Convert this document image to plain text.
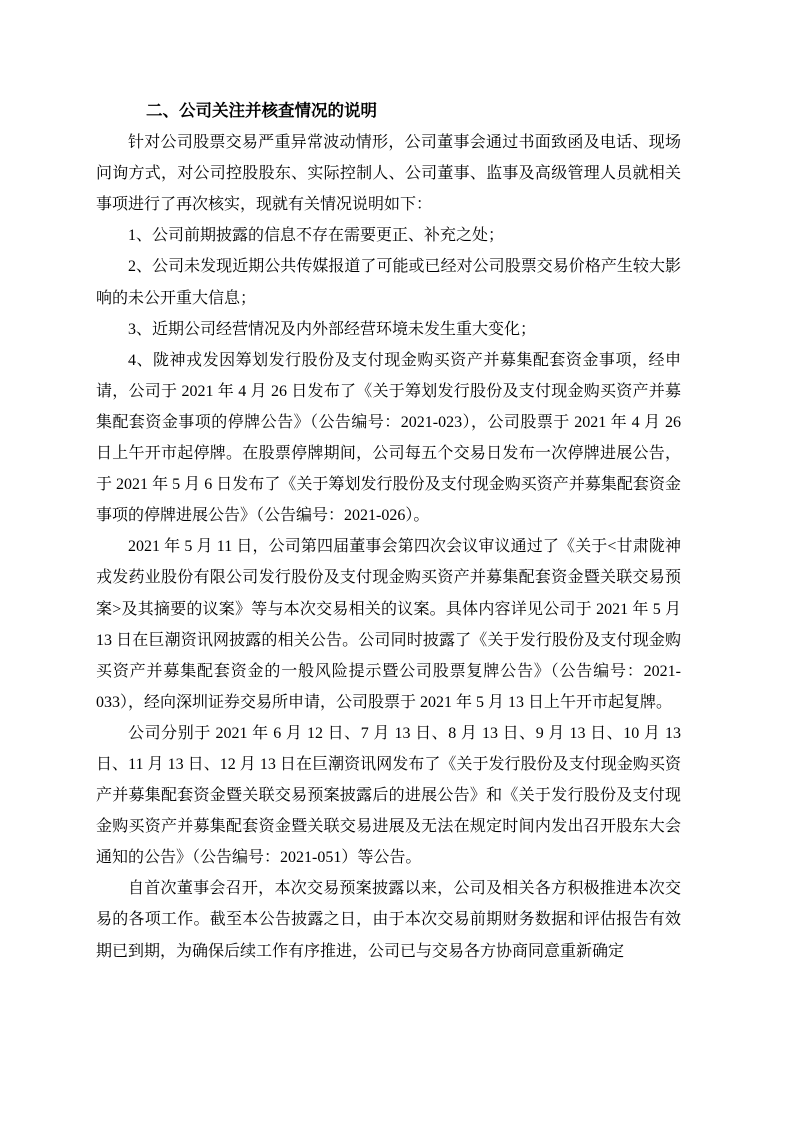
二、公司关注并核查情况的说明

针对公司股票交易严重异常波动情形，公司董事会通过书面致函及电话、现场问询方式，对公司控股股东、实际控制人、公司董事、监事及高级管理人员就相关事项进行了再次核实，现就有关情况说明如下：

1、公司前期披露的信息不存在需要更正、补充之处；

2、公司未发现近期公共传媒报道了可能或已经对公司股票交易价格产生较大影响的未公开重大信息；

3、近期公司经营情况及内外部经营环境未发生重大变化；

4、陇神戎发因筹划发行股份及支付现金购买资产并募集配套资金事项，经申请，公司于 2021 年 4 月 26 日发布了《关于筹划发行股份及支付现金购买资产并募集配套资金事项的停牌公告》（公告编号：2021-023），公司股票于 2021 年 4 月 26 日上午开市起停牌。在股票停牌期间，公司每五个交易日发布一次停牌进展公告，于 2021 年 5 月 6 日发布了《关于筹划发行股份及支付现金购买资产并募集配套资金事项的停牌进展公告》（公告编号：2021-026）。

2021 年 5 月 11 日，公司第四届董事会第四次会议审议通过了《关于<甘肃陇神戎发药业股份有限公司发行股份及支付现金购买资产并募集配套资金暨关联交易预案>及其摘要的议案》等与本次交易相关的议案。具体内容详见公司于 2021 年 5 月 13 日在巨潮资讯网披露的相关公告。公司同时披露了《关于发行股份及支付现金购买资产并募集配套资金的一般风险提示暨公司股票复牌公告》（公告编号：2021-033），经向深圳证券交易所申请，公司股票于 2021 年 5 月 13 日上午开市起复牌。

公司分别于 2021 年 6 月 12 日、7 月 13 日、8 月 13 日、9 月 13 日、10 月 13 日、11 月 13 日、12 月 13 日在巨潮资讯网发布了《关于发行股份及支付现金购买资产并募集配套资金暨关联交易预案披露后的进展公告》和《关于发行股份及支付现金购买资产并募集配套资金暨关联交易进展及无法在规定时间内发出召开股东大会通知的公告》（公告编号：2021-051）等公告。

自首次董事会召开，本次交易预案披露以来，公司及相关各方积极推进本次交易的各项工作。截至本公告披露之日，由于本次交易前期财务数据和评估报告有效期已到期，为确保后续工作有序推进，公司已与交易各方协商同意重新确定
